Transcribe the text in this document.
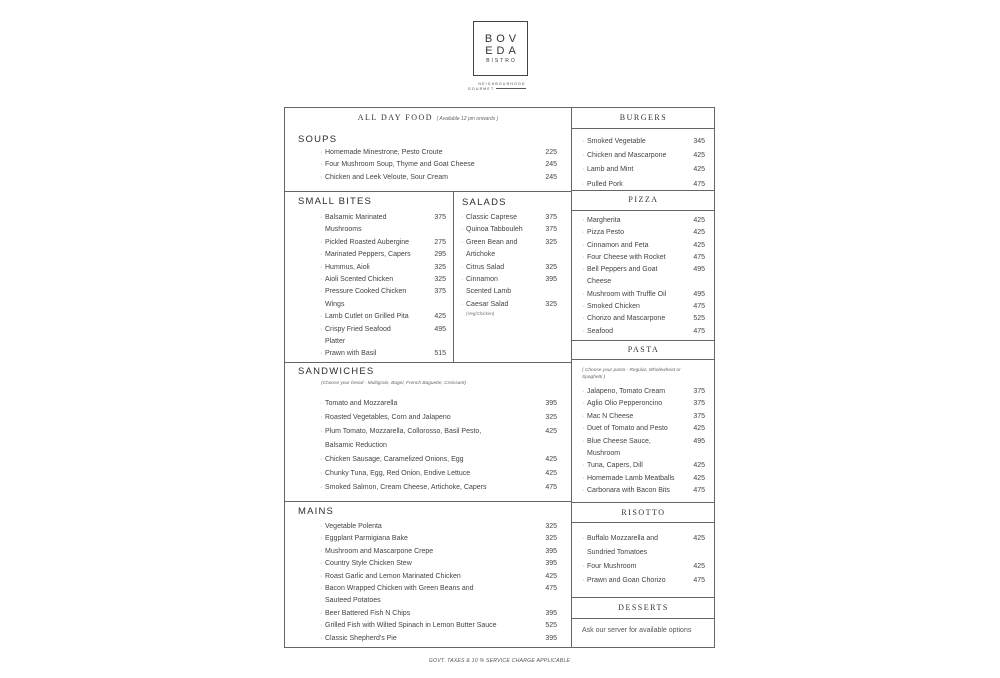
BOV
EDA
BISTRO
NEIGHBOURHOOD
GOURMET
ALL DAY FOOD ( Available 12 pm onwards )
SOUPS
· Homemade Minestrone, Pesto Croute	225
· Four Mushroom Soup, Thyme and Goat Cheese	245
· Chicken and Leek Veloute, Sour Cream	245
SMALL BITES
· Balsamic Marinated Mushrooms
375
· Pickled Roasted Aubergine	275
· Marinated Peppers, Capers	295
· Hummus, Aioli	325
· Aioli Scented Chicken	325
· Pressure Cooked Chicken Wings
375
· Lamb Cutlet on Grilled Pita	425
· Crispy Fried Seafood Platter
495
· Prawn with Basil	515
SALADS
· Classic Caprese	375
· Quinoa Tabbouleh	375
· Green Bean and Artichoke
325
· Citrus Salad	325
· Cinnamon Scented Lamb
395
· Caesar Salad	325
(Veg/Chicken)
SANDWICHES
(Choose your bread - Multigrain, Bagel, French Baguette, Croissant)
· Tomato and Mozzarella	395
· Roasted Vegetables, Corn and Jalapeno	325
· Plum Tomato, Mozzarella, Collorosso, Basil Pesto, Balsamic Reduction
425
· Chicken Sausage, Caramelized Onions, Egg	425
· Chunky Tuna, Egg, Red Onion, Endive Lettuce	425
· Smoked Salmon, Cream Cheese, Artichoke, Capers	475
MAINS
· Vegetable Polenta	325
· Eggplant Parmigiana Bake	325
· Mushroom and Mascarpone Crepe	395
· Country Style Chicken Stew	395
· Roast Garlic and Lemon Marinated Chicken	425
· Bacon Wrapped Chicken with Green Beans and Sauteed Potatoes
475
· Beer Battered Fish N Chips	395
· Grilled Fish with Wilted Spinach in Lemon Butter Sauce	525
· Classic Shepherd's Pie	395
BURGERS
· Smoked Vegetable	345
· Chicken and Mascarpone	425
· Lamb and Mint	425
· Pulled Pork	475
PIZZA
· Margherita	425
· Pizza Pesto	425
· Cinnamon and Feta	425
· Four Cheese with Rocket	475
· Bell Peppers and Goat Cheese
495
· Mushroom with Truffle Oil	495
· Smoked Chicken	475
· Chorizo and Mascarpone	525
· Seafood	475
PASTA
( Choose your pasta - Regular, Wholewheat or Spaghetti )
· Jalapeno, Tomato Cream	375
· Aglio Olio Pepperoncino	375
· Mac N Cheese	375
· Duet of Tomato and Pesto	425
· Blue Cheese Sauce, Mushroom
495
· Tuna, Capers, Dill	425
· Homemade Lamb Meatballs	425
· Carbonara with Bacon Bits	475
RISOTTO
· Buffalo Mozzarella and Sundried Tomatoes
425
· Four Mushroom	425
· Prawn and Goan Chorizo	475
DESSERTS
Ask our server for available options
GOVT. TAXES & 10 % SERVICE CHARGE APPLICABLE
